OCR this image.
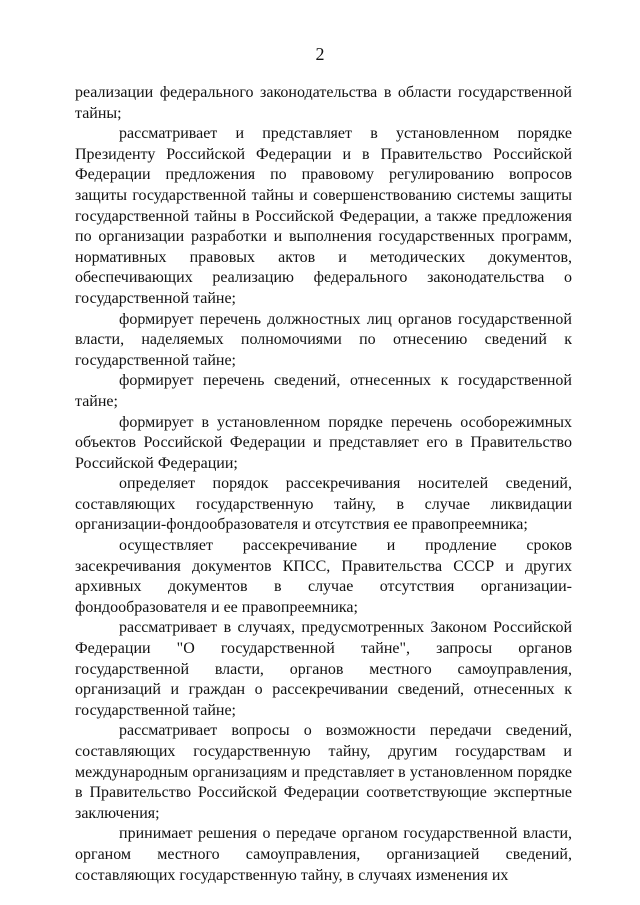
2

реализации федерального законодательства в области государственной тайны;

рассматривает и представляет в установленном порядке Президенту Российской Федерации и в Правительство Российской Федерации предложения по правовому регулированию вопросов защиты государственной тайны и совершенствованию системы защиты государственной тайны в Российской Федерации, а также предложения по организации разработки и выполнения государственных программ, нормативных правовых актов и методических документов, обеспечивающих реализацию федерального законодательства о государственной тайне;

формирует перечень должностных лиц органов государственной власти, наделяемых полномочиями по отнесению сведений к государственной тайне;

формирует перечень сведений, отнесенных к государственной тайне;

формирует в установленном порядке перечень особорежимных объектов Российской Федерации и представляет его в Правительство Российской Федерации;

определяет порядок рассекречивания носителей сведений, составляющих государственную тайну, в случае ликвидации организации-фондообразователя и отсутствия ее правопреемника;

осуществляет рассекречивание и продление сроков засекречивания документов КПСС, Правительства СССР и других архивных документов в случае отсутствия организации-фондообразователя и ее правопреемника;

рассматривает в случаях, предусмотренных Законом Российской Федерации "О государственной тайне", запросы органов государственной власти, органов местного самоуправления, организаций и граждан о рассекречивании сведений, отнесенных к государственной тайне;

рассматривает вопросы о возможности передачи сведений, составляющих государственную тайну, другим государствам и международным организациям и представляет в установленном порядке в Правительство Российской Федерации соответствующие экспертные заключения;

принимает решения о передаче органом государственной власти, органом местного самоуправления, организацией сведений, составляющих государственную тайну, в случаях изменения их
